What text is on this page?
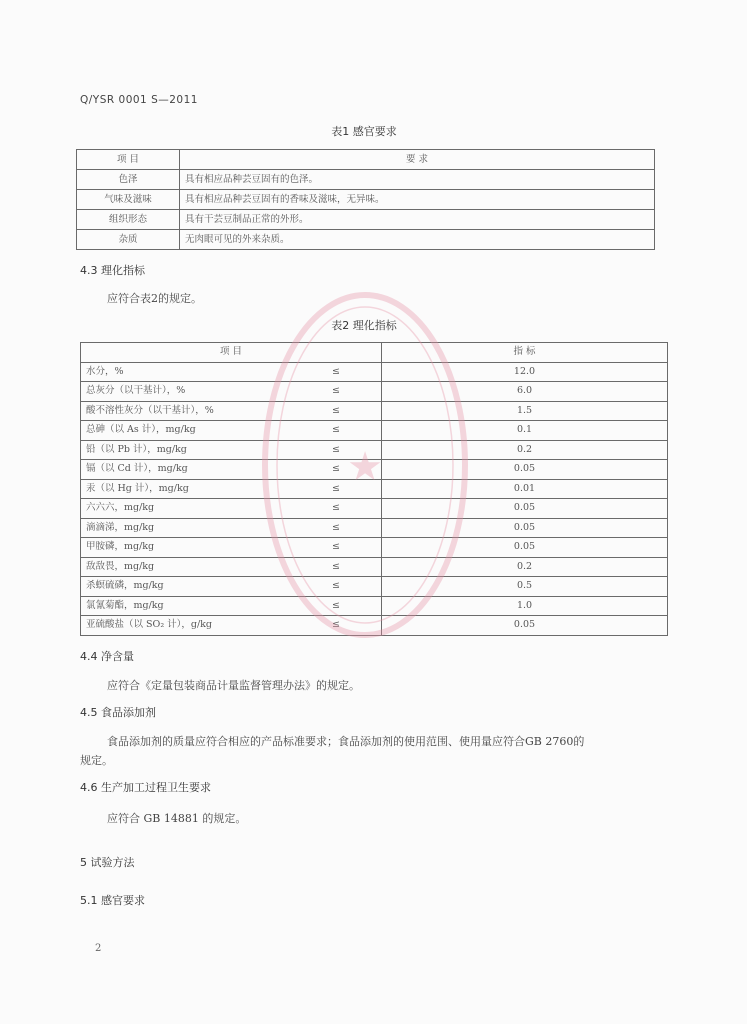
Q/YSR 0001 S—2011
表1 感官要求
项 目	要 求
色泽	具有相应品种芸豆固有的色泽。
气味及滋味	具有相应品种芸豆固有的香味及滋味，无异味。
组织形态	具有干芸豆制品正常的外形。
杂质	无肉眼可见的外来杂质。
4.3 理化指标
应符合表2的规定。
表2 理化指标
项 目		指 标
水分，%	≤	12.0
总灰分（以干基计），%	≤	6.0
酸不溶性灰分（以干基计），%	≤	1.5
总砷（以 As 计），mg/kg	≤	0.1
铅（以 Pb 计），mg/kg	≤	0.2
镉（以 Cd 计），mg/kg	≤	0.05
汞（以 Hg 计），mg/kg	≤	0.01
六六六，mg/kg	≤	0.05
滴滴涕，mg/kg	≤	0.05
甲胺磷，mg/kg	≤	0.05
敌敌畏，mg/kg	≤	0.2
杀螟硫磷，mg/kg	≤	0.5
氯氰菊酯，mg/kg	≤	1.0
亚硫酸盐（以 SO₂ 计），g/kg	≤	0.05
4.4 净含量
应符合《定量包装商品计量监督管理办法》的规定。
4.5 食品添加剂
食品添加剂的质量应符合相应的产品标准要求；食品添加剂的使用范围、使用量应符合GB 2760的
规定。
4.6 生产加工过程卫生要求
应符合 GB 14881 的规定。
5 试验方法
5.1 感官要求
2
★
